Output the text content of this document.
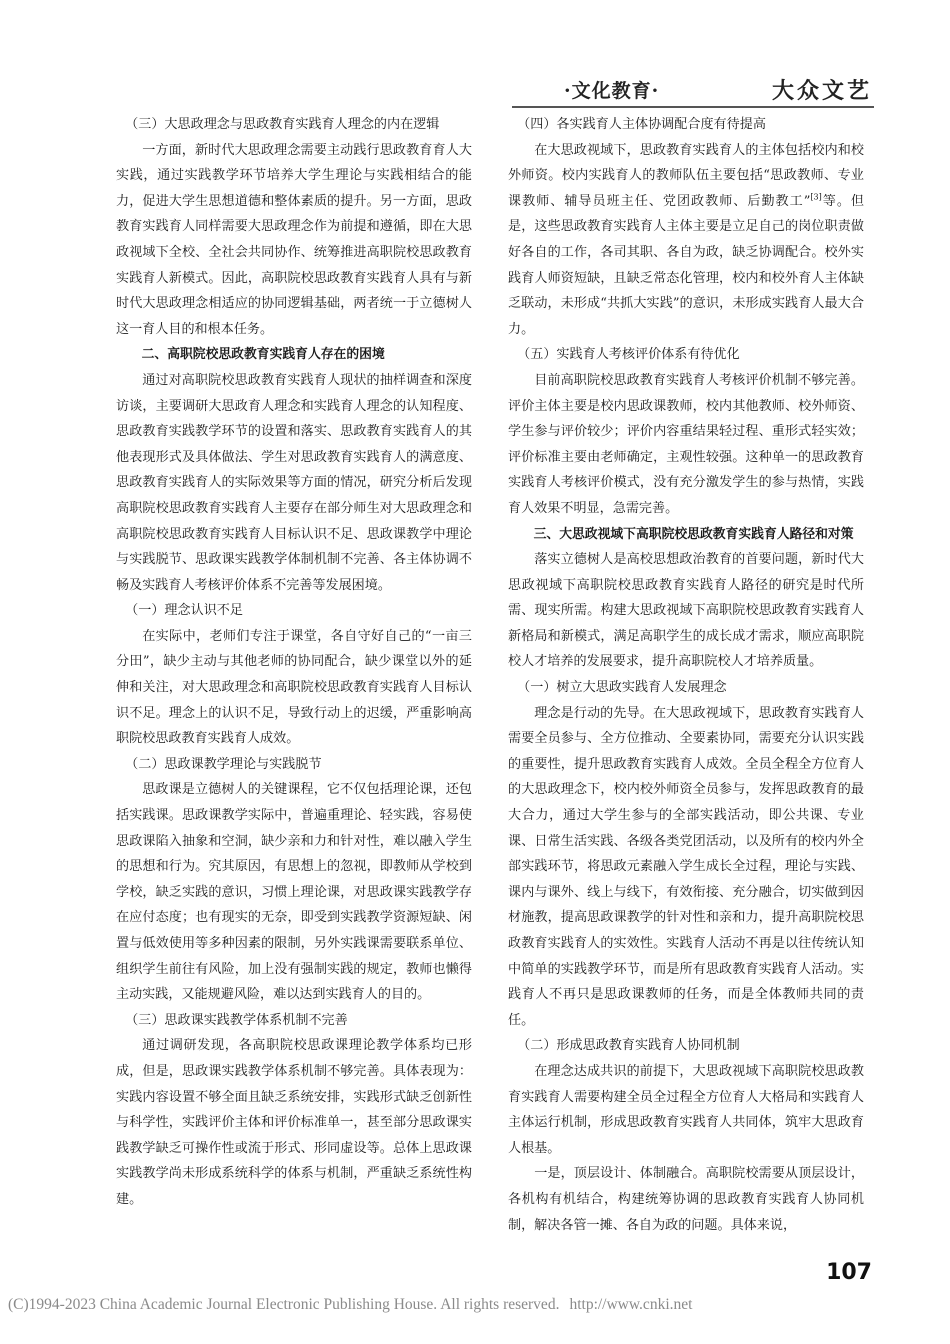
·文化教育·	大众文艺

（三）大思政理念与思政教育实践育人理念的内在逻辑

一方面，新时代大思政理念需要主动践行思政教育育人大实践，通过实践教学环节培养大学生理论与实践相结合的能力，促进大学生思想道德和整体素质的提升。另一方面，思政教育实践育人同样需要大思政理念作为前提和遵循，即在大思政视域下全校、全社会共同协作、统筹推进高职院校思政教育实践育人新模式。因此，高职院校思政教育实践育人具有与新时代大思政理念相适应的协同逻辑基础，两者统一于立德树人这一育人目的和根本任务。

二、高职院校思政教育实践育人存在的困境

通过对高职院校思政教育实践育人现状的抽样调查和深度访谈，主要调研大思政育人理念和实践育人理念的认知程度、思政教育实践教学环节的设置和落实、思政教育实践育人的其他表现形式及具体做法、学生对思政教育实践育人的满意度、思政教育实践育人的实际效果等方面的情况，研究分析后发现高职院校思政教育实践育人主要存在部分师生对大思政理念和高职院校思政教育实践育人目标认识不足、思政课教学中理论与实践脱节、思政课实践教学体制机制不完善、各主体协调不畅及实践育人考核评价体系不完善等发展困境。

（一）理念认识不足

在实际中，老师们专注于课堂，各自守好自己的“一亩三分田”，缺少主动与其他老师的协同配合，缺少课堂以外的延伸和关注，对大思政理念和高职院校思政教育实践育人目标认识不足。理念上的认识不足，导致行动上的迟缓，严重影响高职院校思政教育实践育人成效。

（二）思政课教学理论与实践脱节

思政课是立德树人的关键课程，它不仅包括理论课，还包括实践课。思政课教学实际中，普遍重理论、轻实践，容易使思政课陷入抽象和空洞，缺少亲和力和针对性，难以融入学生的思想和行为。究其原因，有思想上的忽视，即教师从学校到学校，缺乏实践的意识，习惯上理论课，对思政课实践教学存在应付态度；也有现实的无奈，即受到实践教学资源短缺、闲置与低效使用等多种因素的限制，另外实践课需要联系单位、组织学生前往有风险，加上没有强制实践的规定，教师也懒得主动实践，又能规避风险，难以达到实践育人的目的。

（三）思政课实践教学体系机制不完善

通过调研发现，各高职院校思政课理论教学体系均已形成，但是，思政课实践教学体系机制不够完善。具体表现为：实践内容设置不够全面且缺乏系统安排，实践形式缺乏创新性与科学性，实践评价主体和评价标准单一，甚至部分思政课实践教学缺乏可操作性或流于形式、形同虚设等。总体上思政课实践教学尚未形成系统科学的体系与机制，严重缺乏系统性构建。

（四）各实践育人主体协调配合度有待提高

在大思政视域下，思政教育实践育人的主体包括校内和校外师资。校内实践育人的教师队伍主要包括“思政教师、专业课教师、辅导员班主任、党团政教师、后勤教工”[3]等。但是，这些思政教育实践育人主体主要是立足自己的岗位职责做好各自的工作，各司其职、各自为政，缺乏协调配合。校外实践育人师资短缺，且缺乏常态化管理，校内和校外育人主体缺乏联动，未形成“共抓大实践”的意识，未形成实践育人最大合力。

（五）实践育人考核评价体系有待优化

目前高职院校思政教育实践育人考核评价机制不够完善。评价主体主要是校内思政课教师，校内其他教师、校外师资、学生参与评价较少；评价内容重结果轻过程、重形式轻实效；评价标准主要由老师确定，主观性较强。这种单一的思政教育实践育人考核评价模式，没有充分激发学生的参与热情，实践育人效果不明显，急需完善。

三、大思政视域下高职院校思政教育实践育人路径和对策

落实立德树人是高校思想政治教育的首要问题，新时代大思政视域下高职院校思政教育实践育人路径的研究是时代所需、现实所需。构建大思政视域下高职院校思政教育实践育人新格局和新模式，满足高职学生的成长成才需求，顺应高职院校人才培养的发展要求，提升高职院校人才培养质量。

（一）树立大思政实践育人发展理念

理念是行动的先导。在大思政视域下，思政教育实践育人需要全员参与、全方位推动、全要素协同，需要充分认识实践的重要性，提升思政教育实践育人成效。全员全程全方位育人的大思政理念下，校内校外师资全员参与，发挥思政教育的最大合力，通过大学生参与的全部实践活动，即公共课、专业课、日常生活实践、各级各类党团活动，以及所有的校内外全部实践环节，将思政元素融入学生成长全过程，理论与实践、课内与课外、线上与线下，有效衔接、充分融合，切实做到因材施教，提高思政课教学的针对性和亲和力，提升高职院校思政教育实践育人的实效性。实践育人活动不再是以往传统认知中简单的实践教学环节，而是所有思政教育实践育人活动。实践育人不再只是思政课教师的任务，而是全体教师共同的责任。

（二）形成思政教育实践育人协同机制

在理念达成共识的前提下，大思政视域下高职院校思政教育实践育人需要构建全员全过程全方位育人大格局和实践育人主体运行机制，形成思政教育实践育人共同体，筑牢大思政育人根基。

一是，顶层设计、体制融合。高职院校需要从顶层设计，各机构有机结合，构建统筹协调的思政教育实践育人协同机制，解决各管一摊、各自为政的问题。具体来说，

107
(C)1994-2023 China Academic Journal Electronic Publishing House. All rights reserved. http://www.cnki.net
